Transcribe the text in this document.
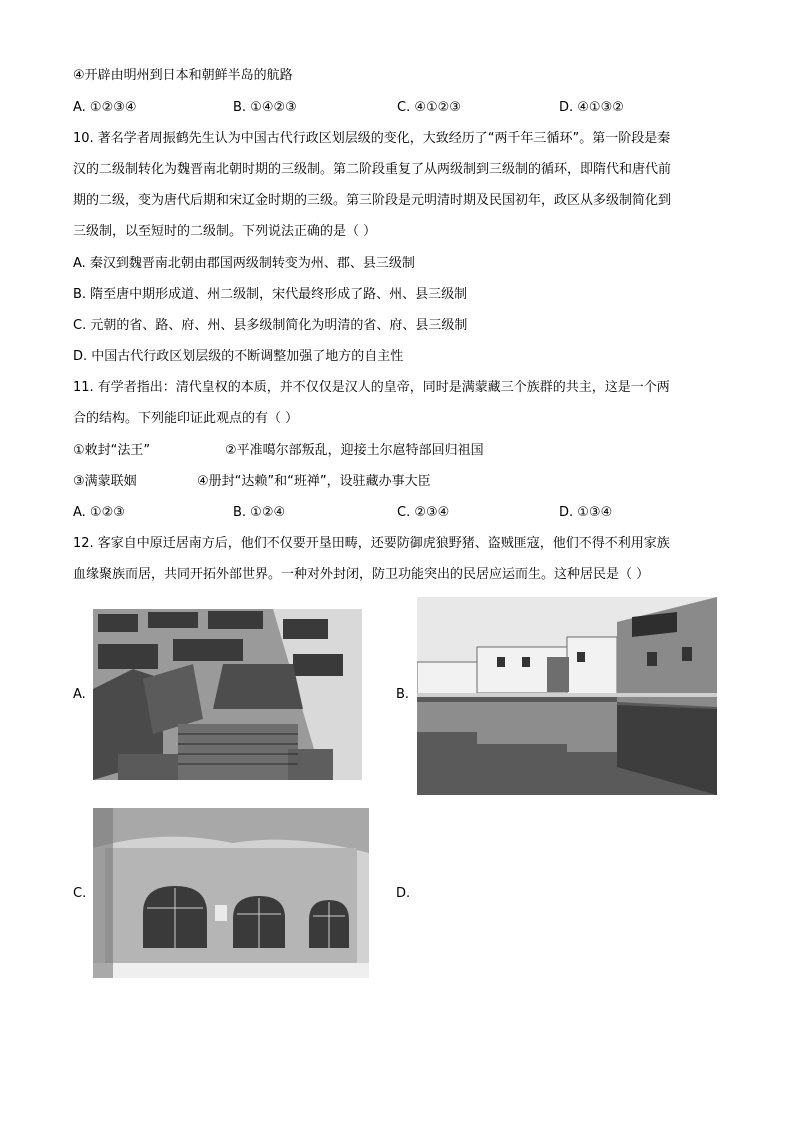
④开辟由明州到日本和朝鲜半岛的航路
A. ①②③④	B. ①④②③	C. ④①②③	D. ④①③②
10. 著名学者周振鹤先生认为中国古代行政区划层级的变化，大致经历了“两千年三循环”。第一阶段是秦
汉的二级制转化为魏晋南北朝时期的三级制。第二阶段重复了从两级制到三级制的循环，即隋代和唐代前
期的二级，变为唐代后期和宋辽金时期的三级。第三阶段是元明清时期及民国初年，政区从多级制简化到
三级制，以至短时的二级制。下列说法正确的是（ ）
A. 秦汉到魏晋南北朝由郡国两级制转变为州、郡、县三级制
B. 隋至唐中期形成道、州二级制，宋代最终形成了路、州、县三级制
C. 元朝的省、路、府、州、县多级制简化为明清的省、府、县三级制
D. 中国古代行政区划层级的不断调整加强了地方的自主性
11. 有学者指出：清代皇权的本质，并不仅仅是汉人的皇帝，同时是满蒙藏三个族群的共主，这是一个两
合的结构。下列能印证此观点的有（ ）
①敕封“法王”	②平准噶尔部叛乱，迎接土尔扈特部回归祖国
③满蒙联姻	④册封“达赖”和“班禅”，设驻藏办事大臣
A. ①②③	B. ①②④	C. ②③④	D. ①③④
12. 客家自中原迁居南方后，他们不仅要开垦田畴，还要防御虎狼野猪、盗贼匪寇，他们不得不利用家族
血缘聚族而居，共同开拓外部世界。一种对外封闭，防卫功能突出的民居应运而生。这种居民是（ ）
A.	B.
C.	D.
